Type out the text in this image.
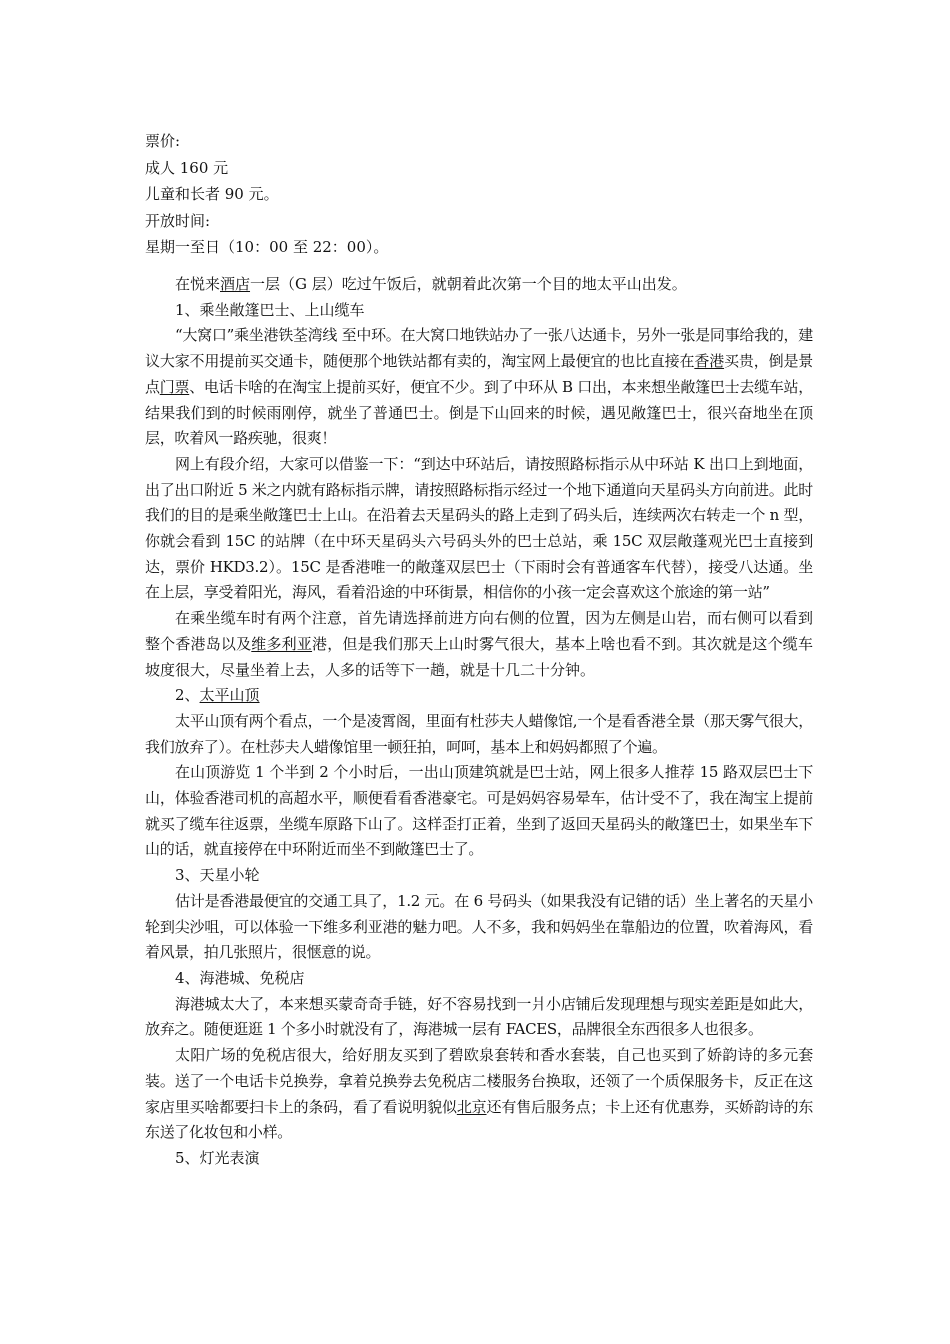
票价:
成人 160 元
儿童和长者 90 元。
开放时间:
星期一至日（10：00 至 22：00）。

在悦来酒店一层（G 层）吃过午饭后，就朝着此次第一个目的地太平山出发。

1、乘坐敞篷巴士、上山缆车

“大窝口”乘坐港铁荃湾线 至中环。在大窝口地铁站办了一张八达通卡，另外一张是同事给我的，建议大家不用提前买交通卡，随便那个地铁站都有卖的，淘宝网上最便宜的也比直接在香港买贵，倒是景点门票、电话卡啥的在淘宝上提前买好，便宜不少。到了中环从 B 口出，本来想坐敞篷巴士去缆车站，结果我们到的时候雨刚停，就坐了普通巴士。倒是下山回来的时候，遇见敞篷巴士，很兴奋地坐在顶层，吹着风一路疾驰，很爽！

网上有段介绍，大家可以借鉴一下：“到达中环站后，请按照路标指示从中环站 K 出口上到地面，出了出口附近 5 米之内就有路标指示牌，请按照路标指示经过一个地下通道向天星码头方向前进。此时我们的目的是乘坐敞篷巴士上山。在沿着去天星码头的路上走到了码头后，连续两次右转走一个 n 型，你就会看到 15C 的站牌（在中环天星码头六号码头外的巴士总站，乘 15C 双层敞蓬观光巴士直接到达，票价 HKD3.2）。15C 是香港唯一的敞蓬双层巴士（下雨时会有普通客车代替），接受八达通。坐在上层，享受着阳光，海风，看着沿途的中环街景，相信你的小孩一定会喜欢这个旅途的第一站”

在乘坐缆车时有两个注意，首先请选择前进方向右侧的位置，因为左侧是山岩，而右侧可以看到整个香港岛以及维多利亚港，但是我们那天上山时雾气很大，基本上啥也看不到。其次就是这个缆车坡度很大，尽量坐着上去，人多的话等下一趟，就是十几二十分钟。

2、太平山顶

太平山顶有两个看点，一个是凌霄阁，里面有杜莎夫人蜡像馆,一个是看香港全景（那天雾气很大，我们放弃了）。在杜莎夫人蜡像馆里一顿狂拍，呵呵，基本上和妈妈都照了个遍。

在山顶游览 1 个半到 2 个小时后，一出山顶建筑就是巴士站，网上很多人推荐 15 路双层巴士下山，体验香港司机的高超水平，顺便看看香港豪宅。可是妈妈容易晕车，估计受不了，我在淘宝上提前就买了缆车往返票，坐缆车原路下山了。这样歪打正着，坐到了返回天星码头的敞篷巴士，如果坐车下山的话，就直接停在中环附近而坐不到敞篷巴士了。

3、天星小轮

估计是香港最便宜的交通工具了，1.2 元。在 6 号码头（如果我没有记错的话）坐上著名的天星小轮到尖沙咀，可以体验一下维多利亚港的魅力吧。人不多，我和妈妈坐在靠船边的位置，吹着海风，看着风景，拍几张照片，很惬意的说。

4、海港城、免税店

海港城太大了，本来想买蒙奇奇手链，好不容易找到一爿小店铺后发现理想与现实差距是如此大，放弃之。随便逛逛 1 个多小时就没有了，海港城一层有 FACES，品牌很全东西很多人也很多。

太阳广场的免税店很大，给好朋友买到了碧欧泉套转和香水套装，自己也买到了娇韵诗的多元套装。送了一个电话卡兑换券，拿着兑换券去免税店二楼服务台换取，还领了一个质保服务卡，反正在这家店里买啥都要扫卡上的条码，看了看说明貌似北京还有售后服务点；卡上还有优惠券，买娇韵诗的东东送了化妆包和小样。

5、灯光表演
